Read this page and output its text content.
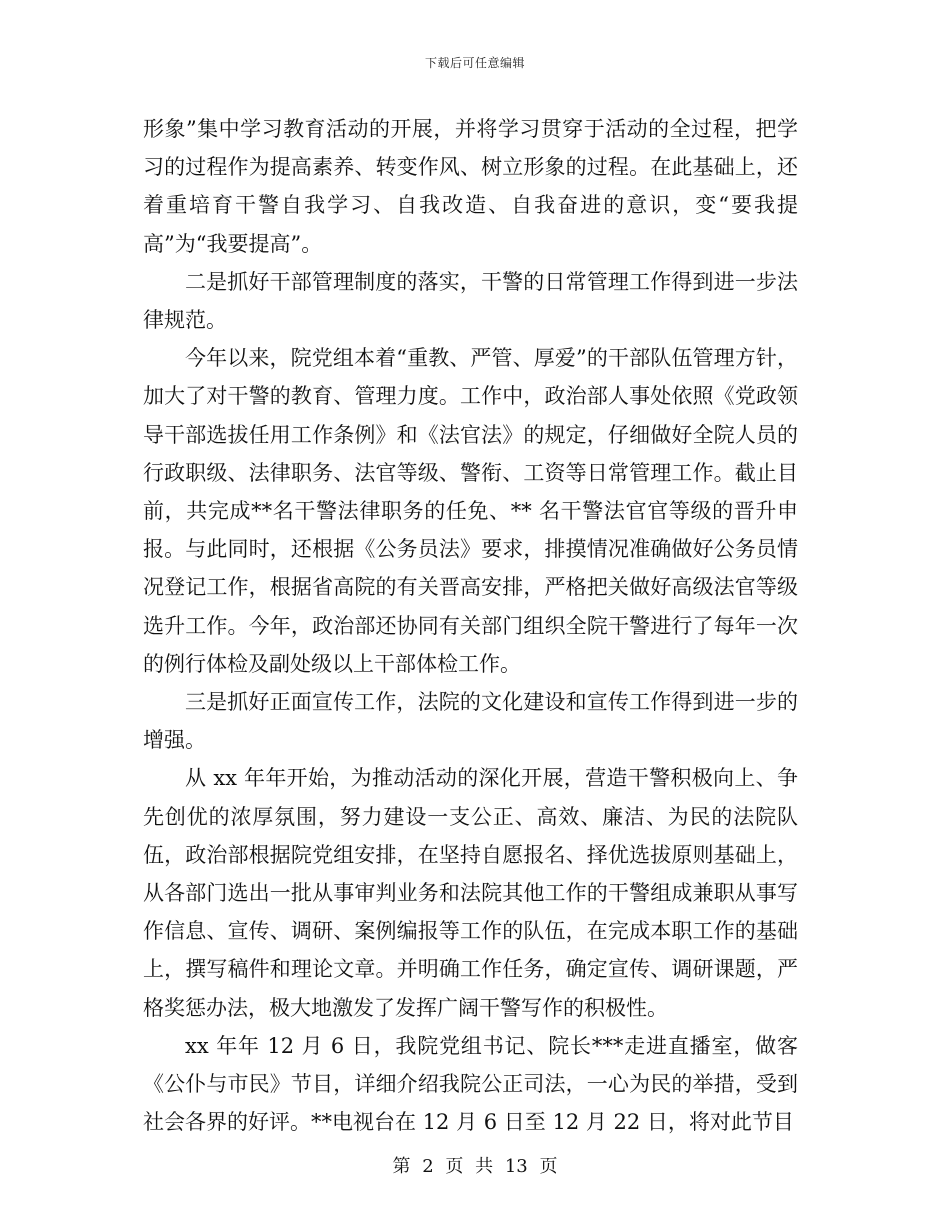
下载后可任意编辑

形象”集中学习教育活动的开展，并将学习贯穿于活动的全过程，把学习的过程作为提高素养、转变作风、树立形象的过程。在此基础上，还着重培育干警自我学习、自我改造、自我奋进的意识，变“要我提高”为“我要提高”。

二是抓好干部管理制度的落实，干警的日常管理工作得到进一步法律规范。

今年以来，院党组本着“重教、严管、厚爱”的干部队伍管理方针，加大了对干警的教育、管理力度。工作中，政治部人事处依照《党政领导干部选拔任用工作条例》和《法官法》的规定，仔细做好全院人员的行政职级、法律职务、法官等级、警衔、工资等日常管理工作。截止目前，共完成**名干警法律职务的任免、** 名干警法官官等级的晋升申报。与此同时，还根据《公务员法》要求，排摸情况准确做好公务员情况登记工作，根据省高院的有关晋高安排，严格把关做好高级法官等级选升工作。今年，政治部还协同有关部门组织全院干警进行了每年一次的例行体检及副处级以上干部体检工作。

三是抓好正面宣传工作，法院的文化建设和宣传工作得到进一步的增强。

从 xx 年年开始，为推动活动的深化开展，营造干警积极向上、争先创优的浓厚氛围，努力建设一支公正、高效、廉洁、为民的法院队伍，政治部根据院党组安排，在坚持自愿报名、择优选拔原则基础上，从各部门选出一批从事审判业务和法院其他工作的干警组成兼职从事写作信息、宣传、调研、案例编报等工作的队伍，在完成本职工作的基础上，撰写稿件和理论文章。并明确工作任务，确定宣传、调研课题，严格奖惩办法，极大地激发了发挥广阔干警写作的积极性。

xx 年年 12 月 6 日，我院党组书记、院长***走进直播室，做客《公仆与市民》节目，详细介绍我院公正司法，一心为民的举措，受到社会各界的好评。**电视台在 12 月 6 日至 12 月 22 日，将对此节目

第 2 页 共 13 页
